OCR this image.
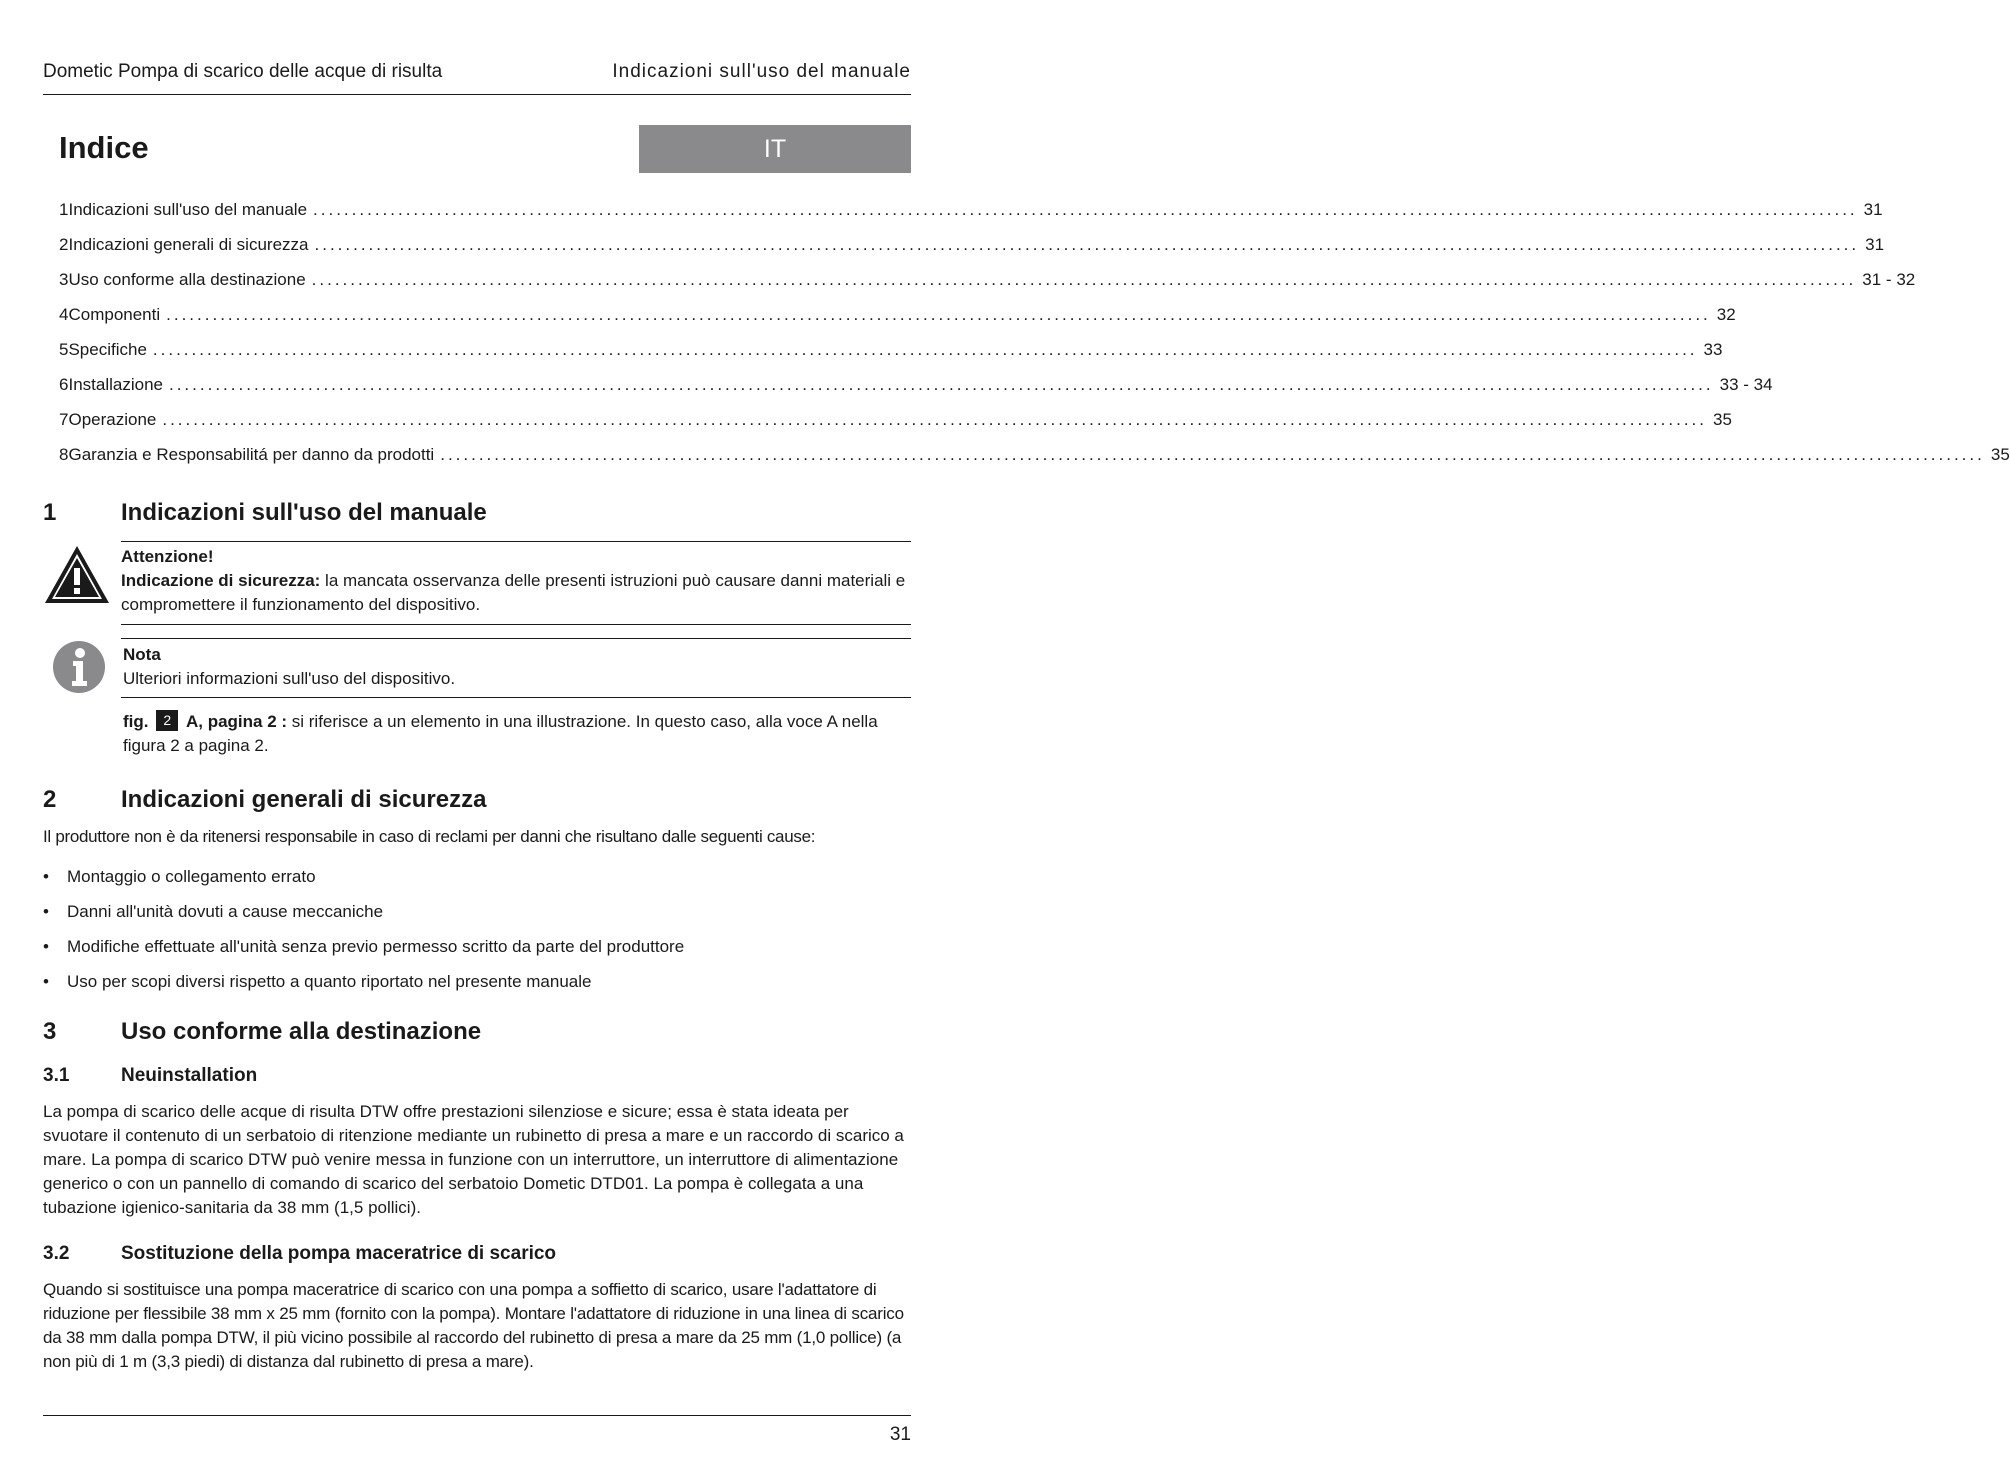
Dometic Pompa di scarico delle acque di risulta	Indicazioni sull'uso del manuale
Indice	IT
1 Indicazioni sull'uso del manuale ........................................................................................................................................................................................................ 31
2 Indicazioni generali di sicurezza ........................................................................................................................................................................................................ 31
3 Uso conforme alla destinazione ........................................................................................................................................................................................................ 31 - 32
4 Componenti ........................................................................................................................................................................................................ 32
5 Specifiche ........................................................................................................................................................................................................ 33
6 Installazione ........................................................................................................................................................................................................ 33 - 34
7 Operazione ........................................................................................................................................................................................................ 35
8 Garanzia e Responsabilitá per danno da prodotti ........................................................................................................................................................................................................ 35
1	Indicazioni sull'uso del manuale
Attenzione!
Indicazione di sicurezza: la mancata osservanza delle presenti istruzioni può causare danni materiali e compromettere il funzionamento del dispositivo.
Nota
Ulteriori informazioni sull'uso del dispositivo.
fig. 2 A, pagina 2 : si riferisce a un elemento in una illustrazione. In questo caso, alla voce A nella figura 2 a pagina 2.
2	Indicazioni generali di sicurezza
Il produttore non è da ritenersi responsabile in caso di reclami per danni che risultano dalle seguenti cause:
•	Montaggio o collegamento errato
•	Danni all'unità dovuti a cause meccaniche
•	Modifiche effettuate all'unità senza previo permesso scritto da parte del produttore
•	Uso per scopi diversi rispetto a quanto riportato nel presente manuale
3	Uso conforme alla destinazione
3.1	Neuinstallation
La pompa di scarico delle acque di risulta DTW offre prestazioni silenziose e sicure; essa è stata ideata per svuotare il contenuto di un serbatoio di ritenzione mediante un rubinetto di presa a mare e un raccordo di scarico a mare. La pompa di scarico DTW può venire messa in funzione con un interruttore, un interruttore di alimentazione generico o con un pannello di comando di scarico del serbatoio Dometic DTD01. La pompa è collegata a una tubazione igienico-sanitaria da 38 mm (1,5 pollici).
3.2	Sostituzione della pompa maceratrice di scarico
Quando si sostituisce una pompa maceratrice di scarico con una pompa a soffietto di scarico, usare l'adattatore di riduzione per flessibile 38 mm x 25 mm (fornito con la pompa). Montare l'adattatore di riduzione in una linea di scarico da 38 mm dalla pompa DTW, il più vicino possibile al raccordo del rubinetto di presa a mare da 25 mm (1,0 pollice) (a non più di 1 m (3,3 piedi) di distanza dal rubinetto di presa a mare).
31
